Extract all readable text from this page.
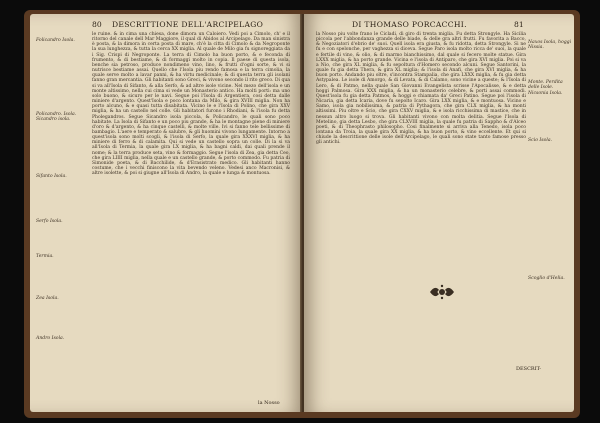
80 DESCRITTIONE DELL'ARCIPELAGO

le ruine. & in cima una chiesa, done dimora un Caloiero. Vedi poi a Cimolo, ch' e il ritorno del canale dell Mar Maggiore, il qual di Abidos al Arcipelago. Da man sinistra è posta, & la dimora in certa posta di mare, ch'è la citta di Cimolo & da Negroponte la sua lunghezza, & tutta la cerca XX miglia. Al quale de Milo gia fu signoreggiata da i Sig. Crispi di Negroponte. La terra di Cimolo ha buon porto, & e feconda di frumento, & di bestiame, & di formaggi molto in copia. Il paese di questa isola, benche sia petroso, produce nondimeno vino, lino, & frutti d'ogni sorte, & vi si nutrisce bestiame assai. Quello che l'Isola piu rendo famosa e la terra cimolia, la quale serve molto a lavar panni, & ha virtu medicinale; & di questa terra gli isolani fanno gran mercantia. Gli habitanti sono Greci, & vivono secondo il rito greco. Di qua si va all'Isola di Sifanto, & alla Serfo, & ad altre isole vicine. Nel mezo dell'isola e un monte altissimo, nella cui cima si vede un Monasterio antico. Ha molti porti: ma uno solo buono, & sicuro per le navi. Segue poi l'Isola di Argentiera, cosi detta dalle miniere d'argento. Quest'Isola e poco lontana da Milo, & gira XVIII miglia. Non ha porto alcuno, & e quasi tutta disabitata. Vicino le e l'Isola di Polino, che gira XXV miglia, & ha un castello nel colle. Gli habitatori furono i Rhodiani, & l'isola fu detta Pholegandros. Segue Sicandro isola piccola, & Policandro, le quali sono poco habitate. La Isola di Sifanto e un poco piu grande, & ha le montagne piene di miniere d'oro & d'argento, & ha cinque castelli, & molte ville. Ivi si fanno tele bellissime di bambagio. L'aere e temperato & salubre, & gli huomini vivono lungamente. Intorno a quest'isola sono molti scogli, & l'isola di Serfo, la quale gira XXXVI miglia, & ha miniere di ferro & di calamita. Qui si vede un castello sopra un colle. Di la si va all'Isola di Termia, la quale gira LX miglia, & ha bagni caldi, dai quali prende il nome; & la terra produce seta, vino & formaggio. Segue l'isola di Zea, gia detta Ceo, che gira LIIII miglia, nella quale e un castello grande, & porto commodo. Fu patria di Simonide poeta, & di Bacchilide, & d'Erasistrato medico. Gli habitanti hanno costume, che i vecchi finiscono la vita bevendo veleno. Vedesi anco Macronisi, & altre isolette, & poi si giugne all'Isola di Andro, la quale e lunga & montuosa.

Folicandro Isola.
Policandro. Isola. Sicandro isola.
Sifanto Isola.
Serfo Isola.
Termia.
Zea Isola.
Andro Isola.
la Nosso
DI THOMASO PORCACCHI.	81

la Nosso piu volte frano le Cicladi, di giro di trenta miglia. Fu detta Strongyle. Ha Sicilia piccola per l'abbondanza grande delle biade, & delle gra altri frutti. Fu favorita a Bacco, & Negoziatori d'ebrio de' suoi. Quell isola era giusta, & fu ridotta, detta Strongyle. Si ne fu e con spelonche, per vaghezza si diceva. Segue Paro isola molto ricca de' suoi, la quale e fertile di vino, & olio, & di marmo bianchissimo, dal quale si fecero molte statue. Gira LXXX miglia, & ha porto grande. Vicina e l'isola di Antiparo, che gira XVI miglia. Poi si va a Nio, che gira XL miglia, & fu sepoltura d'Homero secondo alcuni. Segue Santorini, la quale fu gia detta Thera, & gira XL miglia; & l'isola di Anafi, che gira XVI miglia, & ha buon porto. Andando piu oltre, s'incontra Stampalia, che gira LXXX miglia, & fu gia detta Astypalea. Le isole di Amorgo, & di Levata, & di Calamo, sono vicine a queste; & l'Isola di Lero, & di Patmo, nella quale San Giovanni Evangelista scrisse l'Apocalisse, & e detta hoggi Palmosa. Gira XXX miglia, & ha un monasterio celebre, & porti assai commodi. Quest'isola fu gia detta Patmos, & hoggi e chiamata da' Greci Patino. Segue poi l'isola di Nicaria, gia detta Icaria, dove fu sepolto Icaro. Gira LXX miglia, & e montuosa. Vicino e Samo, isola gia nobilissima, & patria di Pythagora, che gira CLX miglia, & ha monti altissimi. Piu oltre e Scio, che gira CXXV miglia, & e isola ricchissima di mastice, che in nessun altro luogo si trova. Gli habitanti vivono con molta delitia. Segue l'Isola di Metelino, gia detta Lesbo, che gira CLXVIII miglia, la quale fu patria di Sappho & d'Alceo poeti, & di Theophrasto philosopho. Cosi finalmente si arriva alla Tenedo, isola poco lontana da Troia, la quale gira XX miglia, & ha buon porto, & vino eccellente. Et qui si chiude la descrittione delle isole dell'Arcipelago, le quali sono state tanto famose presso gli antichi.

Naxos Isola, hoggi Nissia.
Monte. Perdita delle Isole. Nicsonia Isola.
Scio Isola.
Scoglio d'Helia.
DESCRIT-
